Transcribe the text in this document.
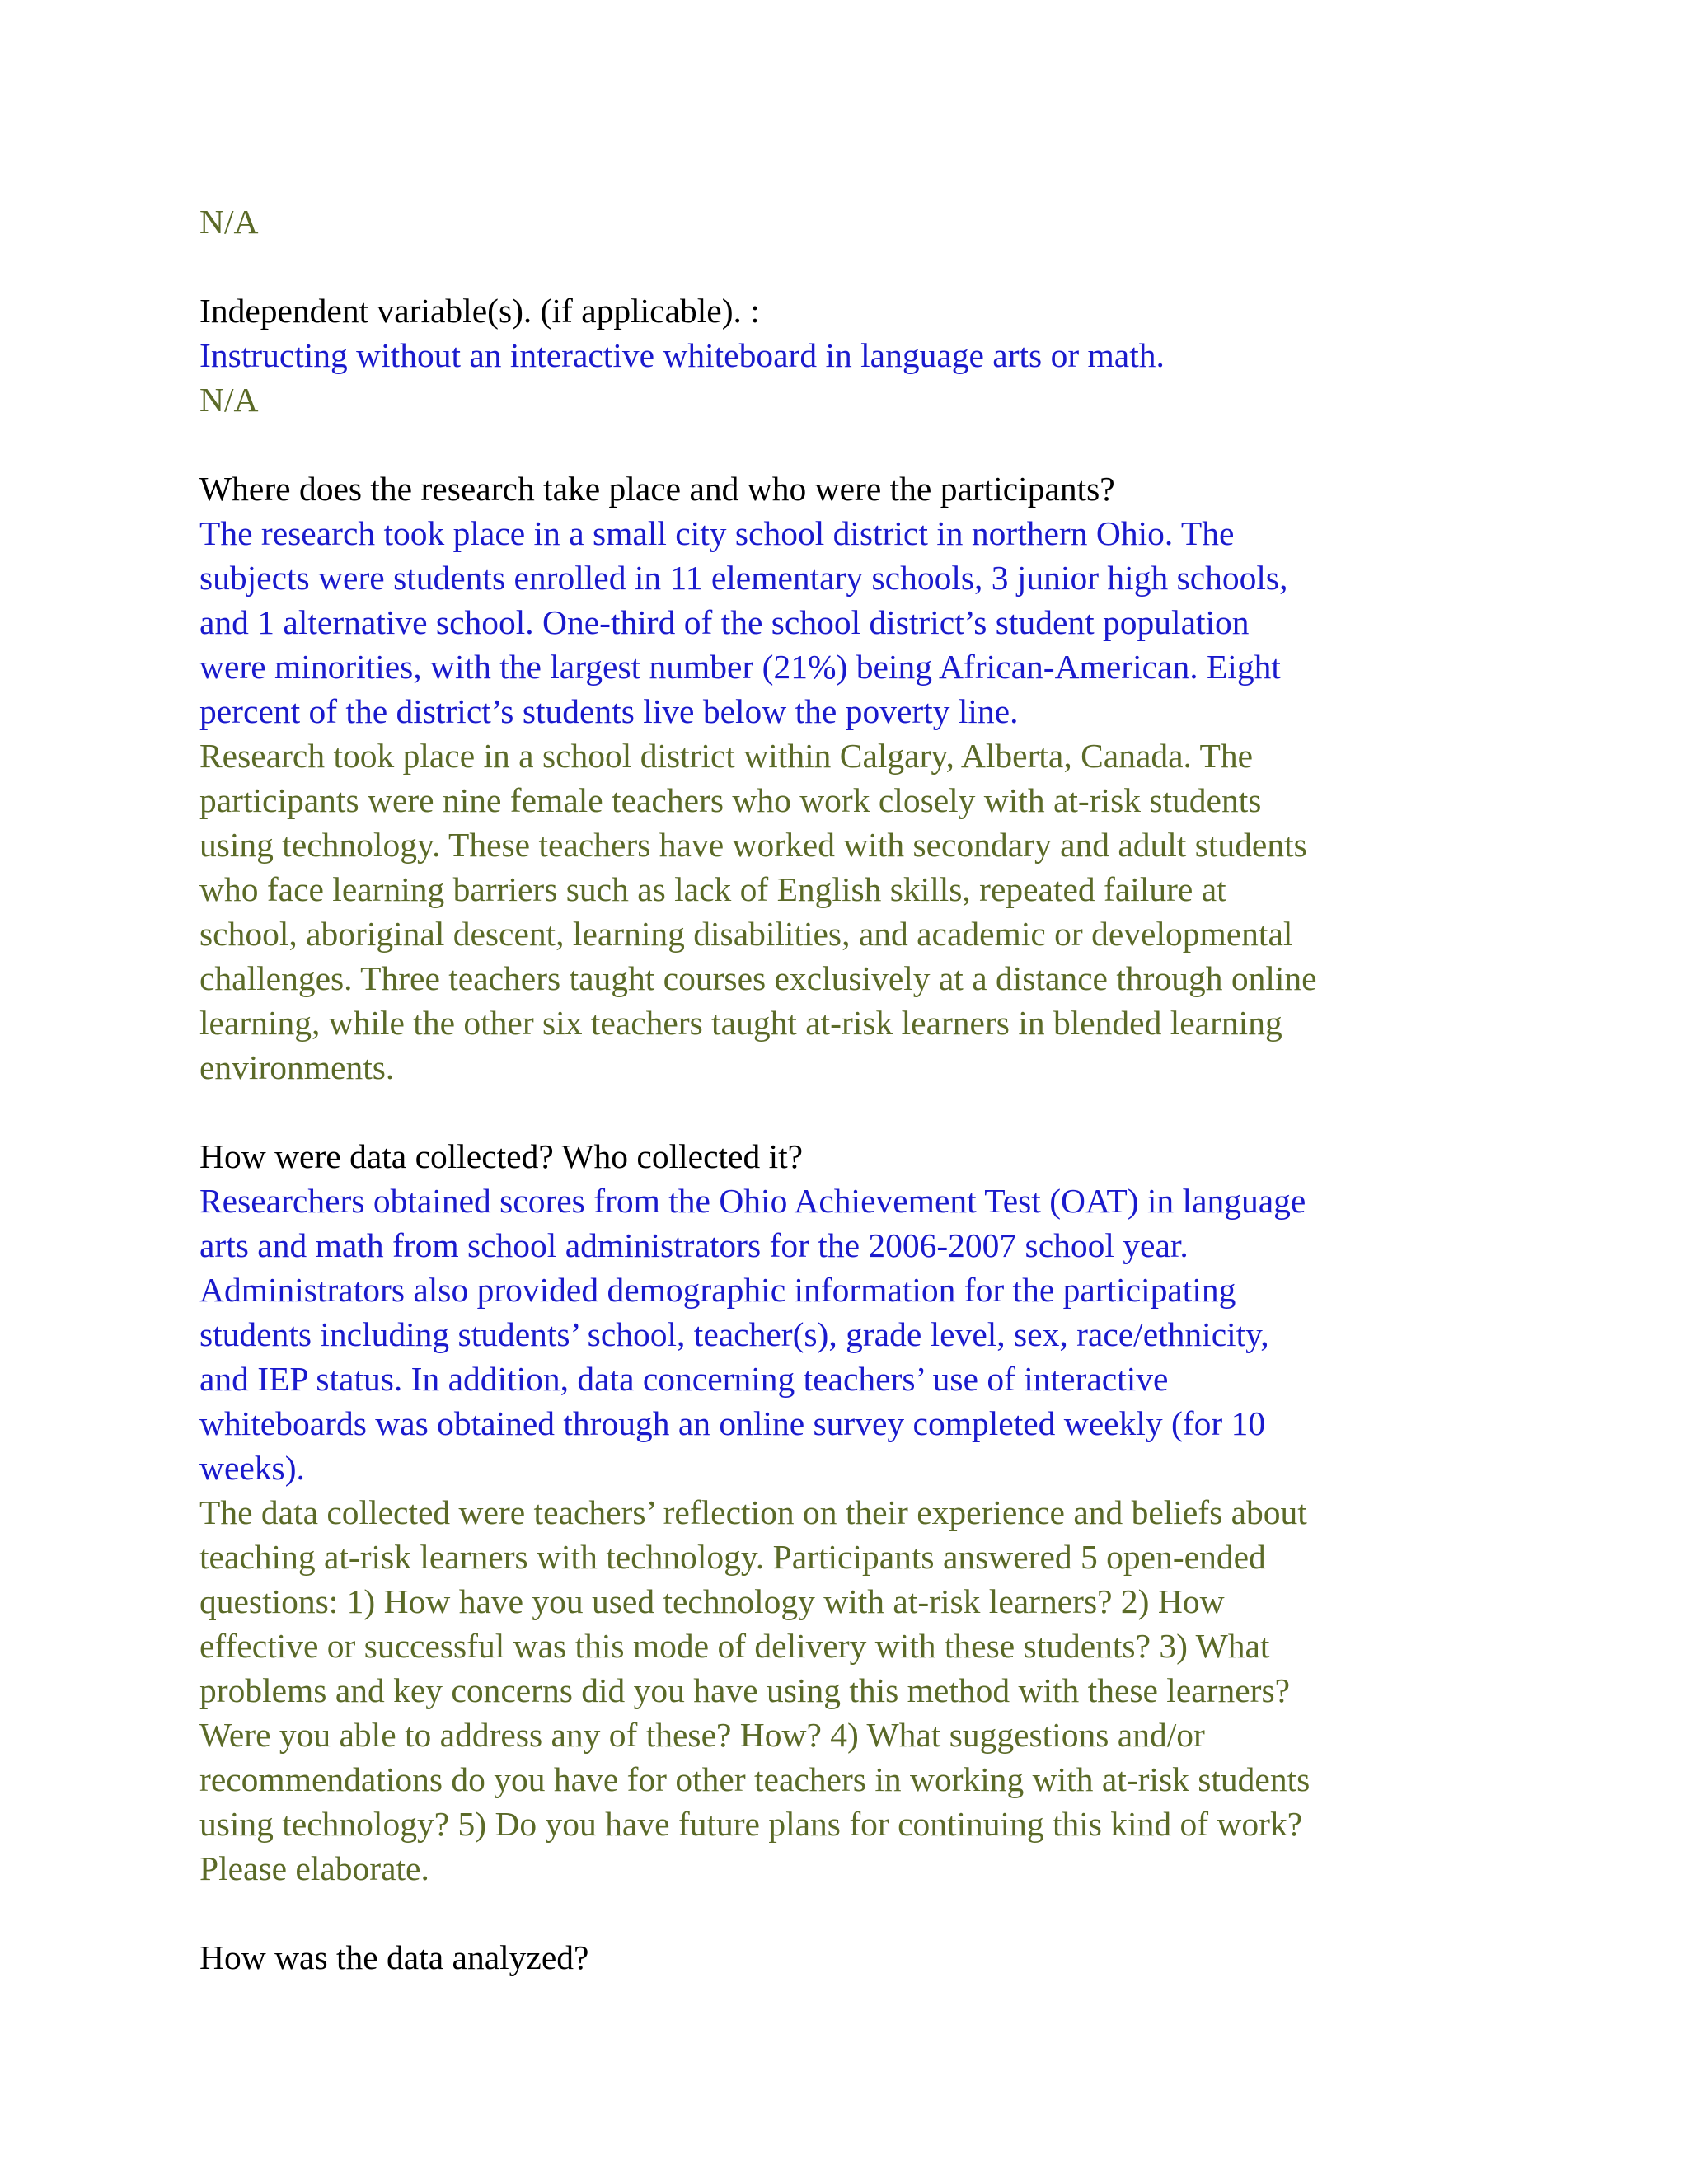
N/A

Independent variable(s). (if applicable). :

Instructing without an interactive whiteboard in language arts or math.

N/A

Where does the research take place and who were the participants?

The research took place in a small city school district in northern Ohio. The
subjects were students enrolled in 11 elementary schools, 3 junior high schools,
and 1 alternative school. One-third of the school district’s student population
were minorities, with the largest number (21%) being African-American. Eight
percent of the district’s students live below the poverty line.

Research took place in a school district within Calgary, Alberta, Canada. The
participants were nine female teachers who work closely with at-risk students
using technology. These teachers have worked with secondary and adult students
who face learning barriers such as lack of English skills, repeated failure at
school, aboriginal descent, learning disabilities, and academic or developmental
challenges. Three teachers taught courses exclusively at a distance through online
learning, while the other six teachers taught at-risk learners in blended learning
environments.

How were data collected? Who collected it?

Researchers obtained scores from the Ohio Achievement Test (OAT) in language
arts and math from school administrators for the 2006-2007 school year.
Administrators also provided demographic information for the participating
students including students’ school, teacher(s), grade level, sex, race/ethnicity,
and IEP status. In addition, data concerning teachers’ use of interactive
whiteboards was obtained through an online survey completed weekly (for 10
weeks).

The data collected were teachers’ reflection on their experience and beliefs about
teaching at-risk learners with technology. Participants answered 5 open-ended
questions: 1) How have you used technology with at-risk learners? 2) How
effective or successful was this mode of delivery with these students? 3) What
problems and key concerns did you have using this method with these learners?
Were you able to address any of these? How? 4) What suggestions and/or
recommendations do you have for other teachers in working with at-risk students
using technology? 5) Do you have future plans for continuing this kind of work?
Please elaborate.

How was the data analyzed?
